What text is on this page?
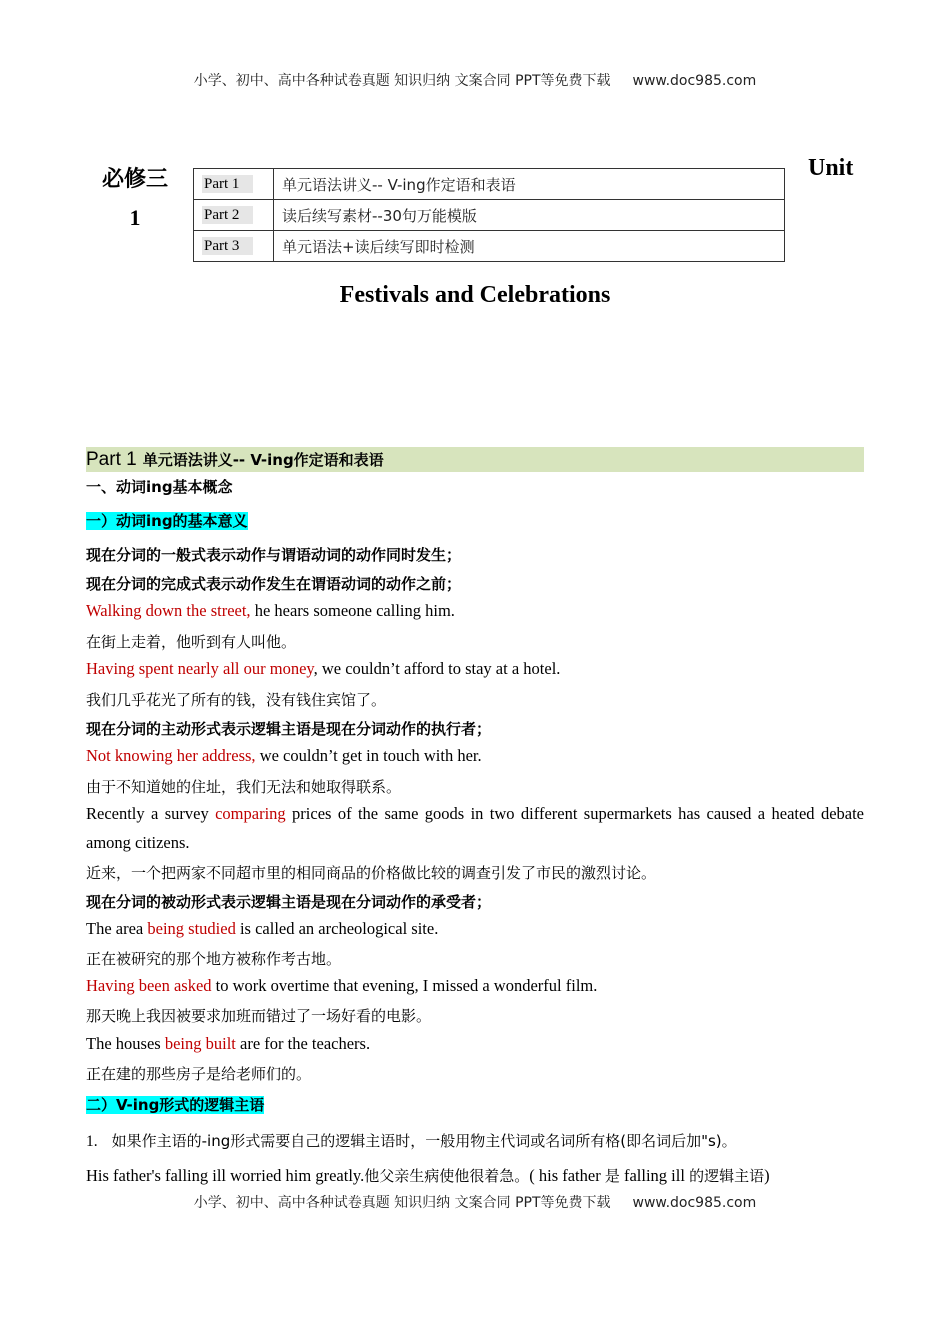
小学、初中、高中各种试卷真题 知识归纳 文案合同 PPT等免费下载 www.doc985.com
必修三
1
Unit
Part 1	单元语法讲义-- V-ing作定语和表语
Part 2	读后续写素材--30句万能模版
Part 3	单元语法+读后续写即时检测
Festivals and Celebrations
Part 1 单元语法讲义-- V-ing作定语和表语
一、动词ing基本概念
一）动词ing的基本意义
现在分词的一般式表示动作与谓语动词的动作同时发生；
现在分词的完成式表示动作发生在谓语动词的动作之前；
Walking down the street, he hears someone calling him.
在街上走着，他听到有人叫他。
Having spent nearly all our money, we couldn’t afford to stay at a hotel.
我们几乎花光了所有的钱，没有钱住宾馆了。
现在分词的主动形式表示逻辑主语是现在分词动作的执行者；
Not knowing her address, we couldn’t get in touch with her.
由于不知道她的住址，我们无法和她取得联系。
Recently a survey comparing prices of the same goods in two different supermarkets has caused a heated debate among citizens.
近来，一个把两家不同超市里的相同商品的价格做比较的调查引发了市民的激烈讨论。
现在分词的被动形式表示逻辑主语是现在分词动作的承受者；
The area being studied is called an archeological site.
正在被研究的那个地方被称作考古地。
Having been asked to work overtime that evening, I missed a wonderful film.
那天晚上我因被要求加班而错过了一场好看的电影。
The houses being built are for the teachers.
正在建的那些房子是给老师们的。
二）V-ing形式的逻辑主语
1. 如果作主语的-ing形式需要自己的逻辑主语时，一般用物主代词或名词所有格(即名词后加"s)。
His father's falling ill worried him greatly.他父亲生病使他很着急。( his father 是 falling ill 的逻辑主语)
小学、初中、高中各种试卷真题 知识归纳 文案合同 PPT等免费下载 www.doc985.com
